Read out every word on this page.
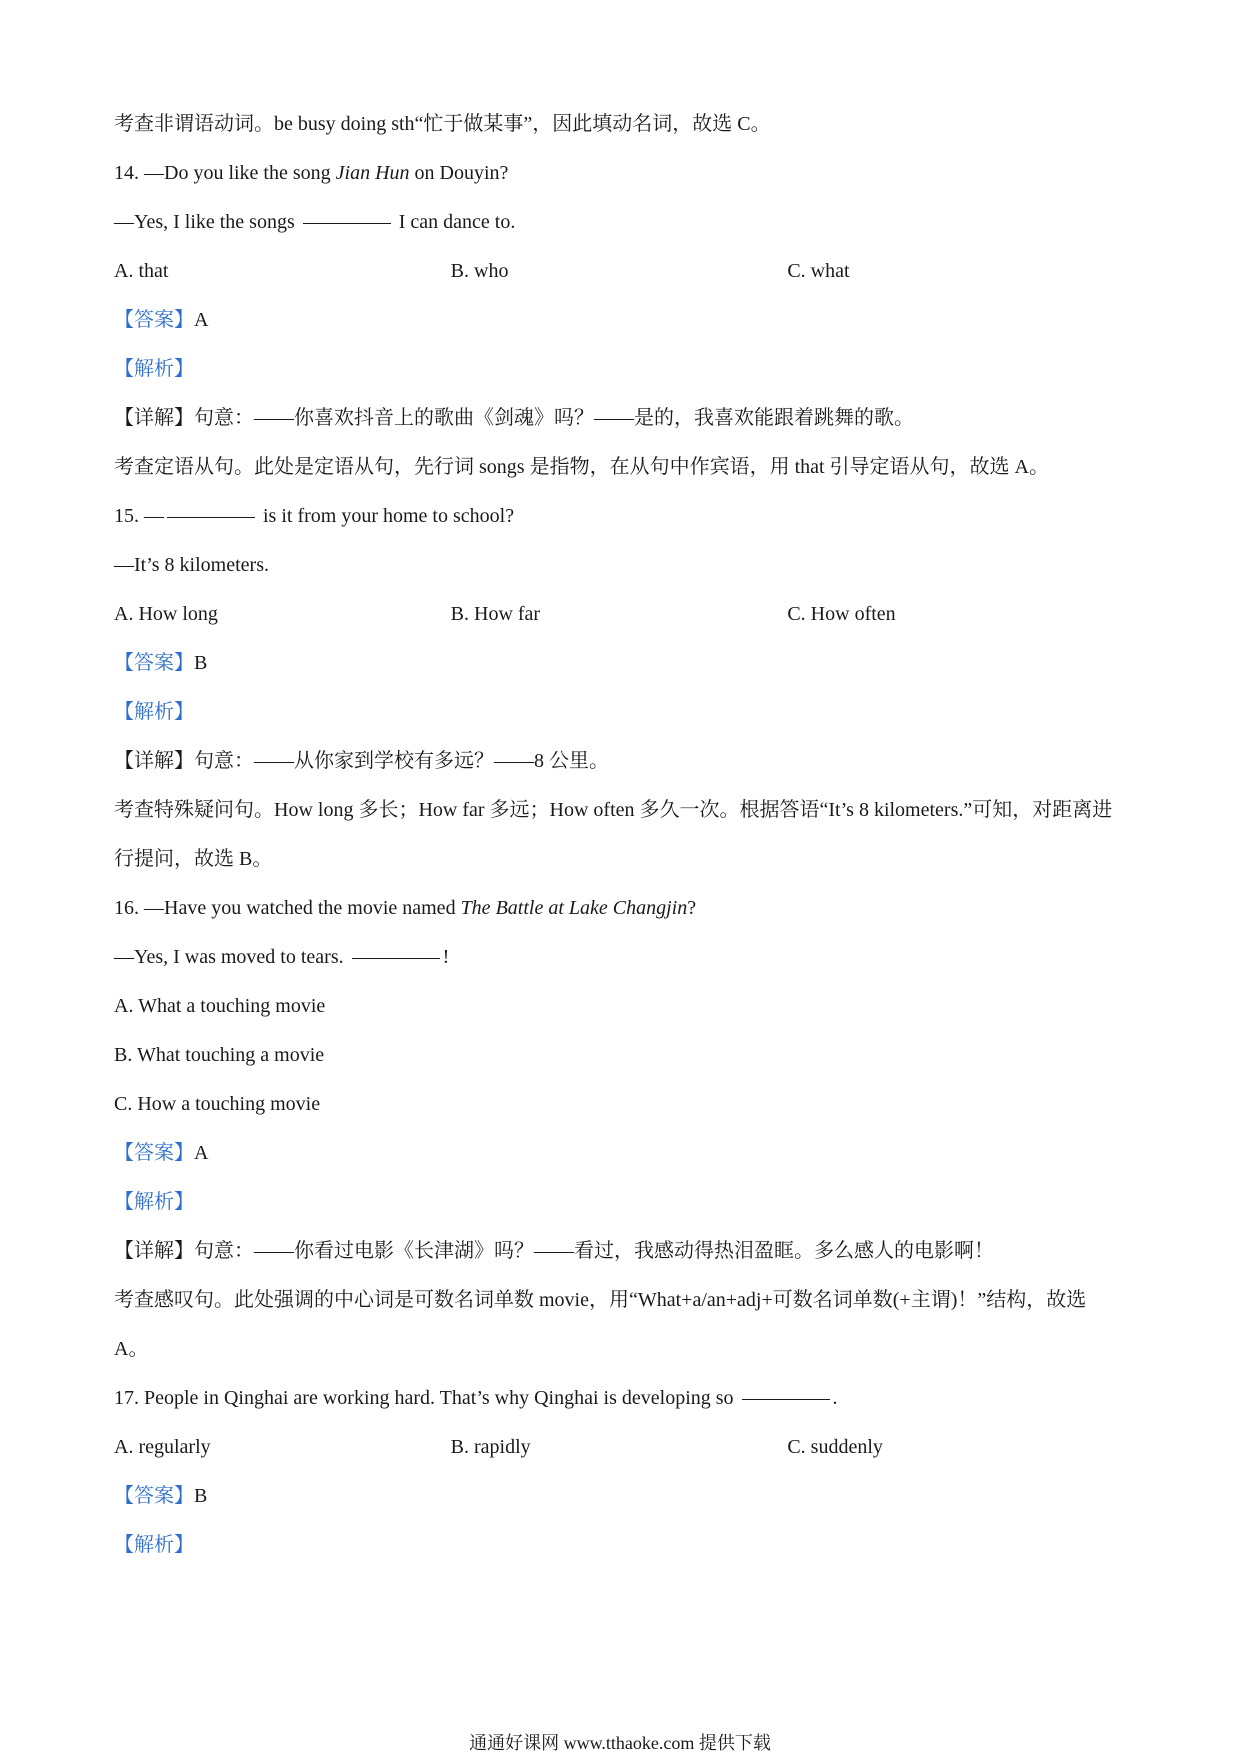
考查非谓语动词。be busy doing sth“忙于做某事”，因此填动名词，故选 C。
14. —Do you like the song Jian Hun on Douyin?
—Yes, I like the songs	I can dance to.
A. that	B. who	C. what
【答案】A
【解析】
【详解】句意：——你喜欢抖音上的歌曲《剑魂》吗？——是的，我喜欢能跟着跳舞的歌。
考查定语从句。此处是定语从句，先行词 songs 是指物，在从句中作宾语，用 that 引导定语从句，故选 A。
15. —	is it from your home to school?
—It’s 8 kilometers.
A. How long	B. How far	C. How often
【答案】B
【解析】
【详解】句意：——从你家到学校有多远？——8 公里。
考查特殊疑问句。How long 多长；How far 多远；How often 多久一次。根据答语“It’s 8 kilometers.”可知，对距离进行提问，故选 B。
16. —Have you watched the movie named The Battle at Lake Changjin?
—Yes, I was moved to tears.	!
A. What a touching movie
B. What touching a movie
C. How a touching movie
【答案】A
【解析】
【详解】句意：——你看过电影《长津湖》吗？——看过，我感动得热泪盈眶。多么感人的电影啊！
考查感叹句。此处强调的中心词是可数名词单数 movie，用“What+a/an+adj+可数名词单数(+主谓)！”结构，故选 A。
17. People in Qinghai are working hard. That’s why Qinghai is developing so	.
A. regularly	B. rapidly	C. suddenly
【答案】B
【解析】
通通好课网 www.tthaoke.com 提供下载
